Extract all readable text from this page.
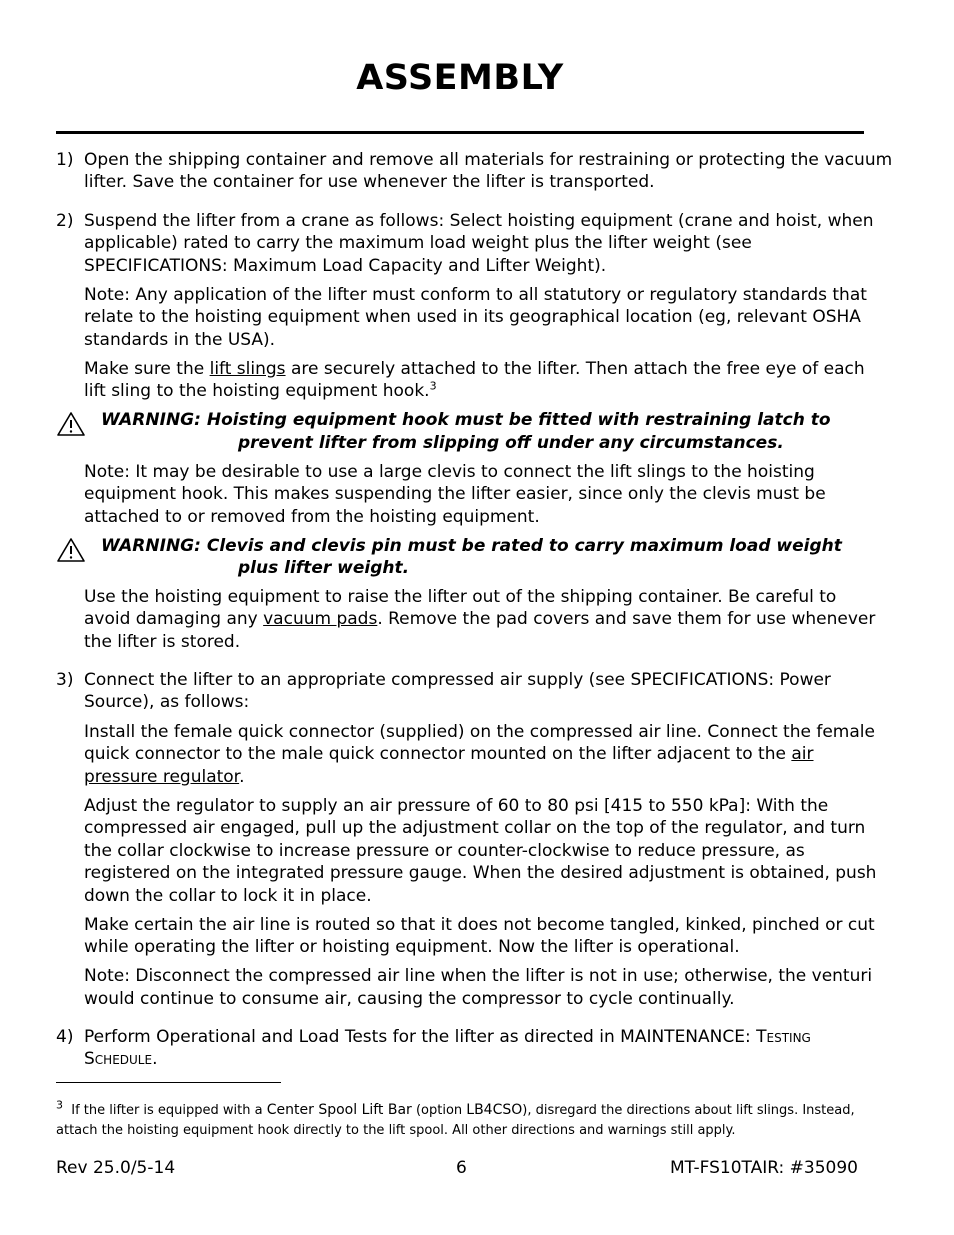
ASSEMBLY
1) Open the shipping container and remove all materials for restraining or protecting the vacuum
lifter. Save the container for use whenever the lifter is transported.
2) Suspend the lifter from a crane as follows: Select hoisting equipment (crane and hoist, when
applicable) rated to carry the maximum load weight plus the lifter weight (see
SPECIFICATIONS: Maximum Load Capacity and Lifter Weight).
Note: Any application of the lifter must conform to all statutory or regulatory standards that
relate to the hoisting equipment when used in its geographical location (eg, relevant OSHA
standards in the USA).
Make sure the lift slings are securely attached to the lifter. Then attach the free eye of each
lift sling to the hoisting equipment hook.$^3$
WARNING: Hoisting equipment hook must be fitted with restraining latch to
prevent lifter from slipping off under any circumstances.
Note: It may be desirable to use a large clevis to connect the lift slings to the hoisting
equipment hook. This makes suspending the lifter easier, since only the clevis must be
attached to or removed from the hoisting equipment.
WARNING: Clevis and clevis pin must be rated to carry maximum load weight
plus lifter weight.
Use the hoisting equipment to raise the lifter out of the shipping container. Be careful to
avoid damaging any vacuum pads. Remove the pad covers and save them for use whenever
the lifter is stored.
3) Connect the lifter to an appropriate compressed air supply (see SPECIFICATIONS: Power
Source), as follows:
Install the female quick connector (supplied) on the compressed air line. Connect the female
quick connector to the male quick connector mounted on the lifter adjacent to the air
pressure regulator.
Adjust the regulator to supply an air pressure of 60 to 80 psi [415 to 550 kPa]: With the
compressed air engaged, pull up the adjustment collar on the top of the regulator, and turn
the collar clockwise to increase pressure or counter-clockwise to reduce pressure, as
registered on the integrated pressure gauge. When the desired adjustment is obtained, push
down the collar to lock it in place.
Make certain the air line is routed so that it does not become tangled, kinked, pinched or cut
while operating the lifter or hoisting equipment. Now the lifter is operational.
Note: Disconnect the compressed air line when the lifter is not in use; otherwise, the venturi
would continue to consume air, causing the compressor to cycle continually.
4) Perform Operational and Load Tests for the lifter as directed in MAINTENANCE: TESTING
SCHEDULE.
$^3$ If the lifter is equipped with a Center Spool Lift Bar (option LB4CSO), disregard the directions about lift slings. Instead,
attach the hoisting equipment hook directly to the lift spool. All other directions and warnings still apply.
Rev 25.0/5-14	6	MT-FS10TAIR: #35090
